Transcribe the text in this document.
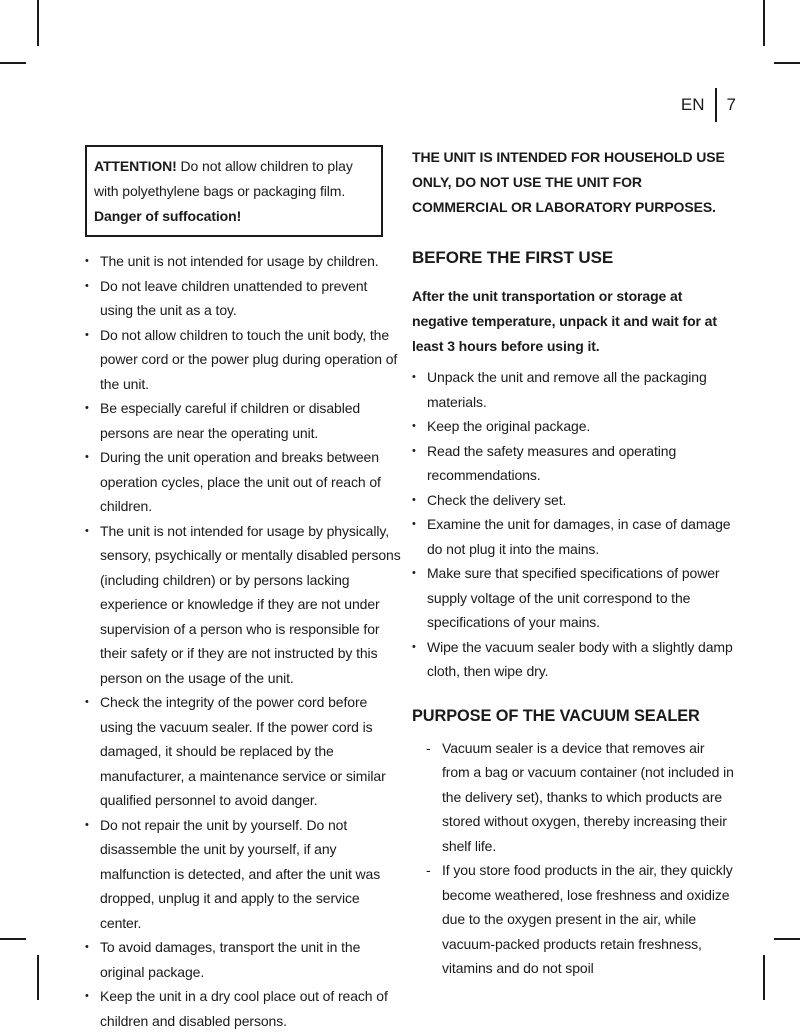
EN 7
ATTENTION! Do not allow children to play with polyethylene bags or packaging film. Danger of suffocation!
• The unit is not intended for usage by children.
• Do not leave children unattended to prevent using the unit as a toy.
• Do not allow children to touch the unit body, the power cord or the power plug during operation of the unit.
• Be especially careful if children or disabled persons are near the operating unit.
• During the unit operation and breaks between operation cycles, place the unit out of reach of children.
• The unit is not intended for usage by physically, sensory, psychically or mentally disabled persons (including children) or by persons lacking experience or knowledge if they are not under supervision of a person who is responsible for their safety or if they are not instructed by this person on the usage of the unit.
• Check the integrity of the power cord before using the vacuum sealer. If the power cord is damaged, it should be replaced by the manufacturer, a maintenance service or similar qualified personnel to avoid danger.
• Do not repair the unit by yourself. Do not disassemble the unit by yourself, if any malfunction is detected, and after the unit was dropped, unplug it and apply to the service center.
• To avoid damages, transport the unit in the original package.
• Keep the unit in a dry cool place out of reach of children and disabled persons.

THE UNIT IS INTENDED FOR HOUSEHOLD USE ONLY, DO NOT USE THE UNIT FOR COMMERCIAL OR LABORATORY PURPOSES.

BEFORE THE FIRST USE

After the unit transportation or storage at negative temperature, unpack it and wait for at least 3 hours before using it.

• Unpack the unit and remove all the packaging materials.
• Keep the original package.
• Read the safety measures and operating recommendations.
• Check the delivery set.
• Examine the unit for damages, in case of damage do not plug it into the mains.
• Make sure that specified specifications of power supply voltage of the unit correspond to the specifications of your mains.
• Wipe the vacuum sealer body with a slightly damp cloth, then wipe dry.
PURPOSE OF THE VACUUM SEALER
- Vacuum sealer is a device that removes air from a bag or vacuum container (not included in the delivery set), thanks to which products are stored without oxygen, thereby increasing their shelf life.
- If you store food products in the air, they quickly become weathered, lose freshness and oxidize due to the oxygen present in the air, while vacuum-packed products retain freshness, vitamins and do not spoil
